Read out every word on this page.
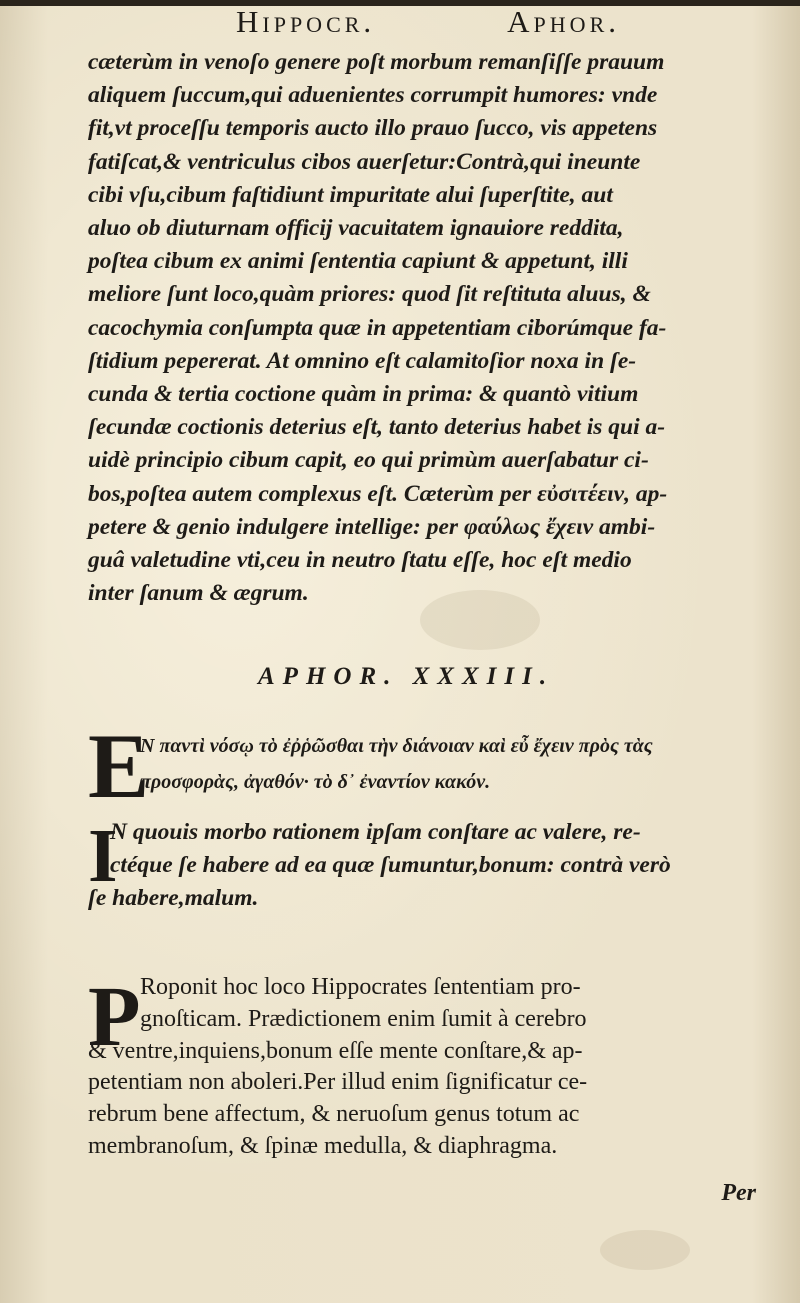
Hippocr.	Aphor.
cæterùm in venoſo genere poſt morbum remanſiſſe prauum
aliquem ſuccum,qui aduenientes corrumpit humores: vnde
fit,vt proceſſu temporis aucto illo prauo ſucco, vis appetens
fatiſcat,& ventriculus cibos auerſetur:Contrà,qui ineunte
cibi vſu,cibum faſtidiunt impuritate alui ſuperſtite, aut
aluo ob diuturnam officij vacuitatem ignauiore reddita,
poſtea cibum ex animi ſententia capiunt & appetunt, illi
meliore ſunt loco,quàm priores: quod ſit reſtituta aluus, &
cacochymia conſumpta quæ in appetentiam ciborúmque fa-
ſtidium pepererat. At omnino eſt calamitoſior noxa in ſe-
cunda & tertia coctione quàm in prima: & quantò vitium
ſecundæ coctionis deterius eſt, tanto deterius habet is qui a-
uidè principio cibum capit, eo qui primùm auerſabatur ci-
bos,poſtea autem complexus eſt. Cæterùm per εὐσιτέειν, ap-
petere & genio indulgere intellige: per φαύλως ἔχειν ambi-
guâ valetudine vti,ceu in neutro ſtatu eſſe, hoc eſt medio
inter ſanum & ægrum.
APHOR. XXXIII.
E
Ν παντὶ νόσῳ τὸ ἐῤῥῶσθαι τὴν διάνοιαν καὶ εὖ ἔχειν πρὸς τὰς
προσφορὰς, ἀγαθόν· τὸ δ᾽ ἐναντίον κακόν.
I
N quouis morbo rationem ipſam conſtare ac valere, re-
ctéque ſe habere ad ea quæ ſumuntur,bonum: contrà verò
ſe habere,malum.
P Roponit hoc loco Hippocrates ſententiam pro-
gnoſticam. Prædictionem enim ſumit à cerebro
& ventre,inquiens,bonum eſſe mente conſtare,& ap-
petentiam non aboleri.Per illud enim ſignificatur ce-
rebrum bene affectum, & neruoſum genus totum ac
membranoſum, & ſpinæ medulla, & diaphragma.
Per
